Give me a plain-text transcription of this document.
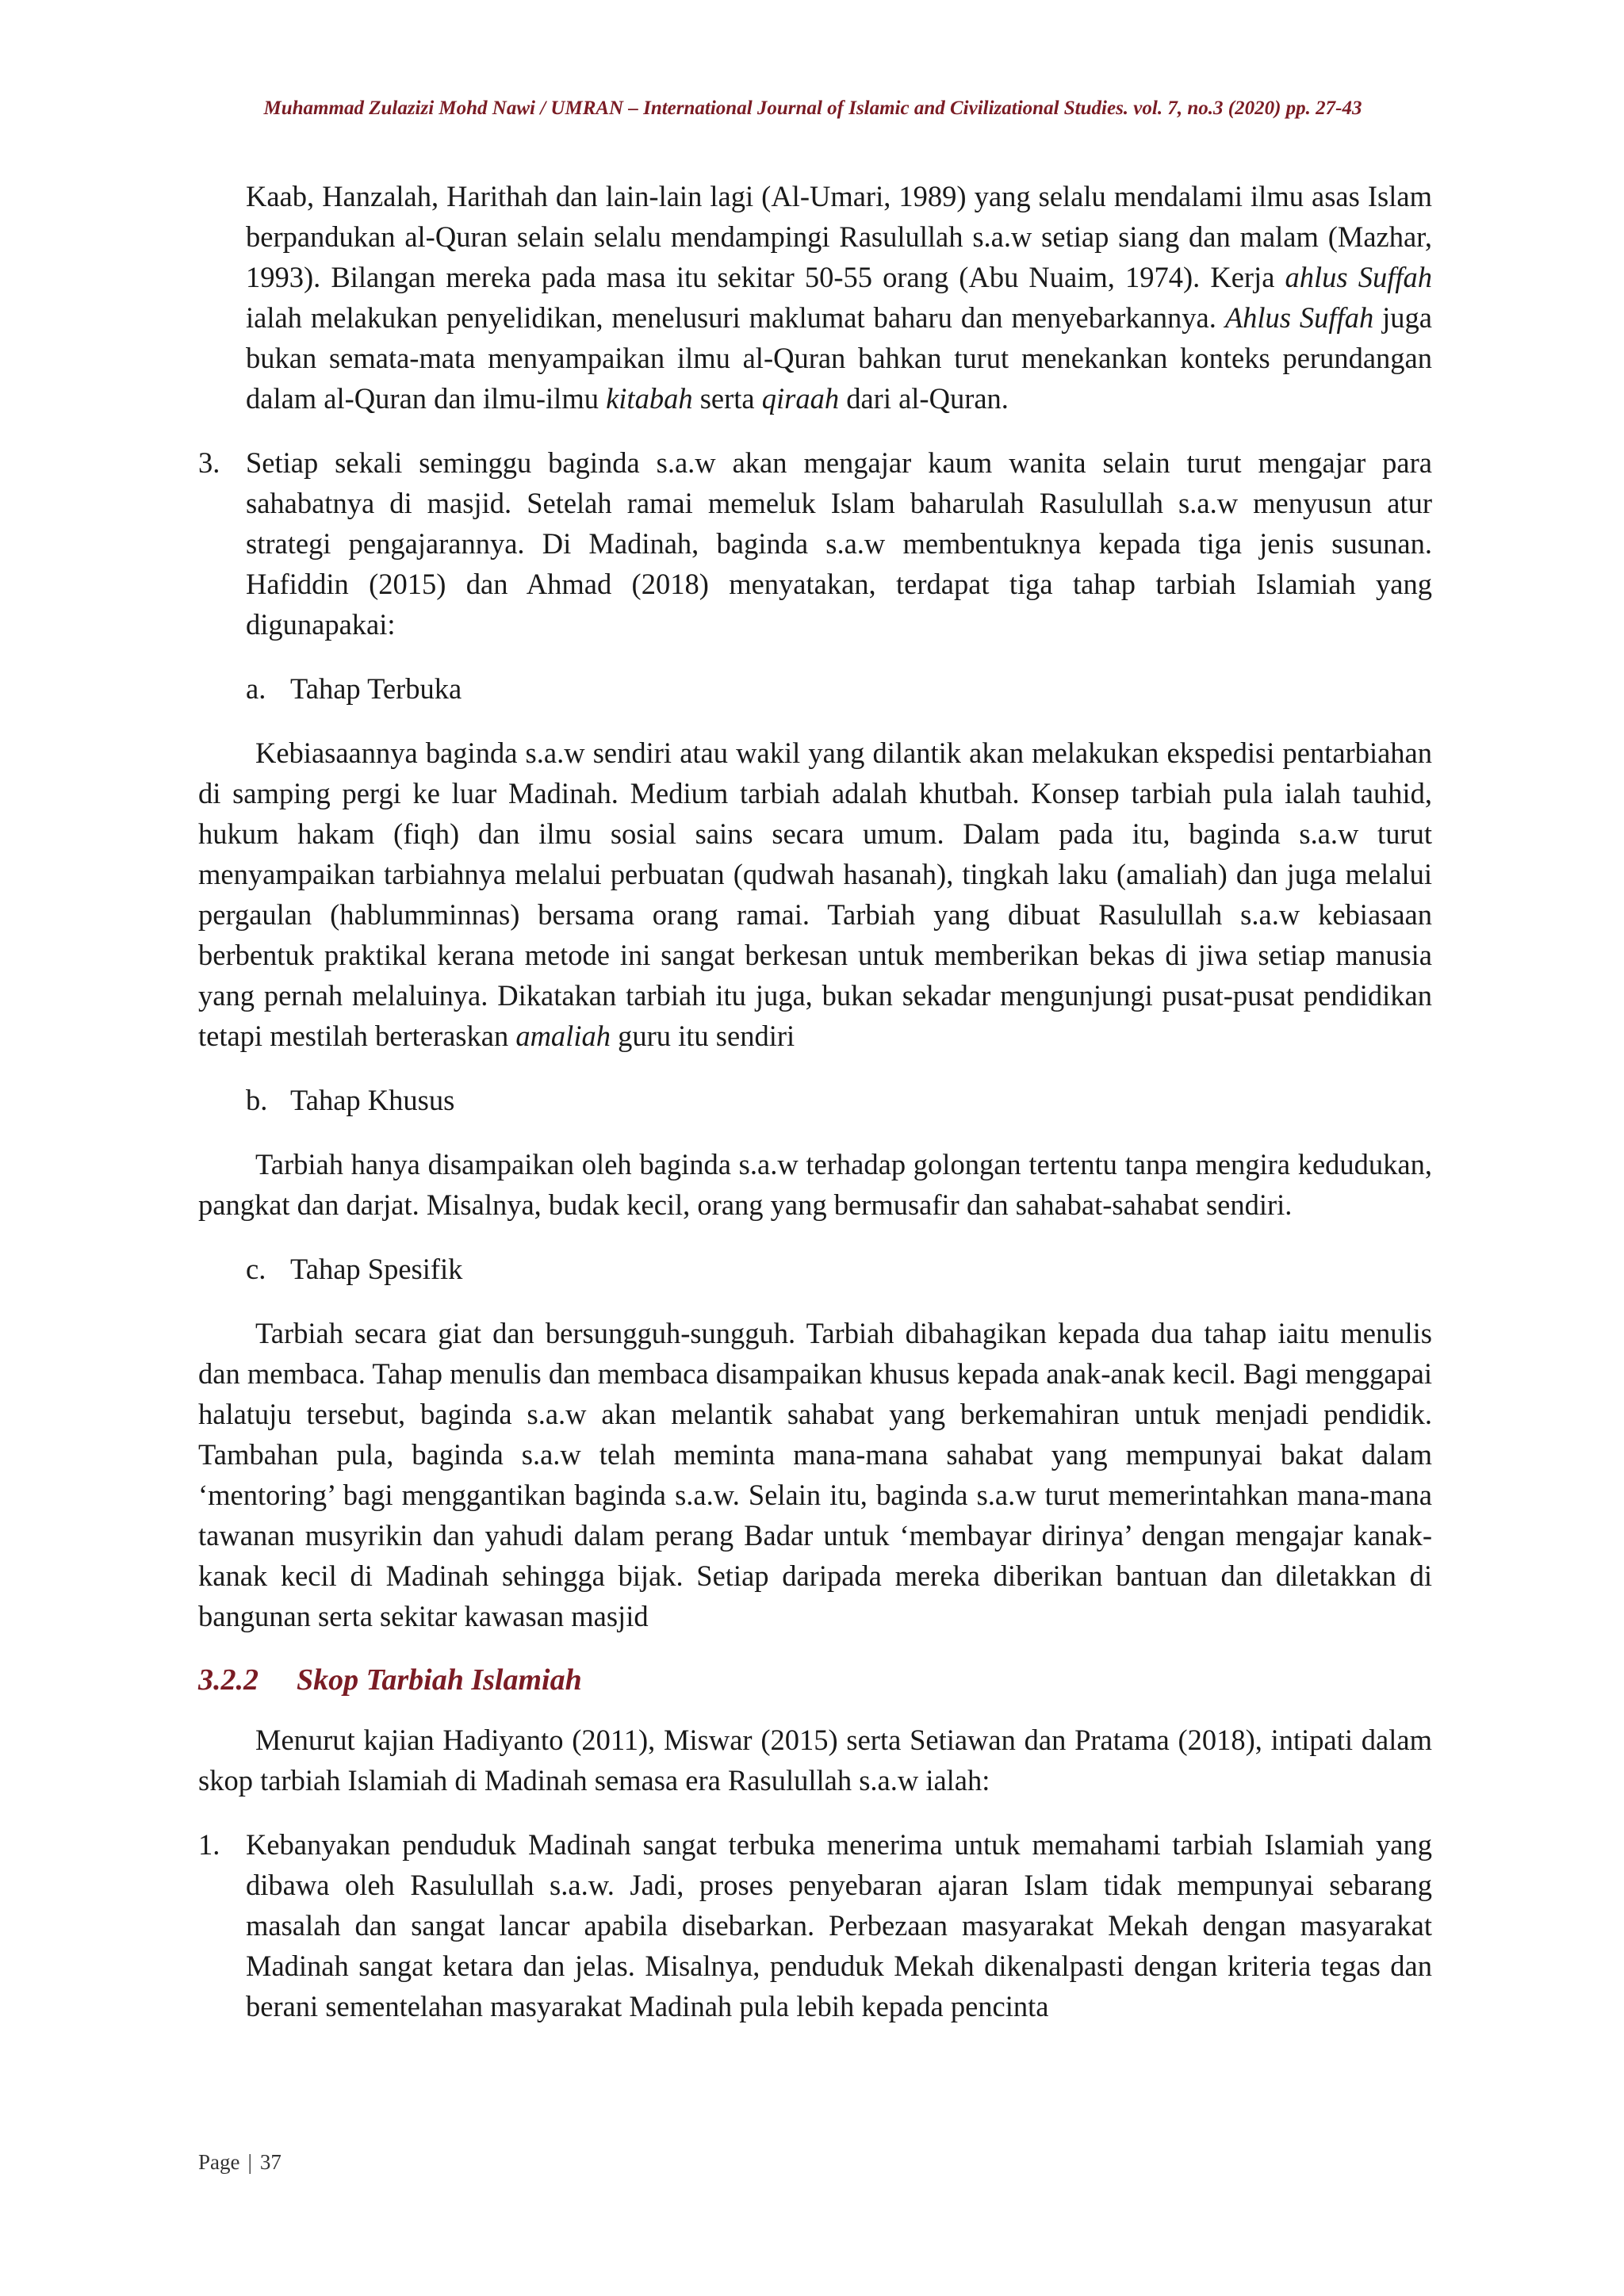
Muhammad Zulazizi Mohd Nawi / UMRAN – International Journal of Islamic and Civilizational Studies. vol. 7, no.3 (2020) pp. 27-43

Kaab, Hanzalah, Harithah dan lain-lain lagi (Al-Umari, 1989) yang selalu mendalami ilmu asas Islam berpandukan al-Quran selain selalu mendampingi Rasulullah s.a.w setiap siang dan malam (Mazhar, 1993). Bilangan mereka pada masa itu sekitar 50-55 orang (Abu Nuaim, 1974). Kerja ahlus Suffah ialah melakukan penyelidikan, menelusuri maklumat baharu dan menyebarkannya. Ahlus Suffah juga bukan semata-mata menyampaikan ilmu al-Quran bahkan turut menekankan konteks perundangan dalam al-Quran dan ilmu-ilmu kitabah serta qiraah dari al-Quran.

3. Setiap sekali seminggu baginda s.a.w akan mengajar kaum wanita selain turut mengajar para sahabatnya di masjid. Setelah ramai memeluk Islam baharulah Rasulullah s.a.w menyusun atur strategi pengajarannya. Di Madinah, baginda s.a.w membentuknya kepada tiga jenis susunan. Hafiddin (2015) dan Ahmad (2018) menyatakan, terdapat tiga tahap tarbiah Islamiah yang digunapakai:
a. Tahap Terbuka

Kebiasaannya baginda s.a.w sendiri atau wakil yang dilantik akan melakukan ekspedisi pentarbiahan di samping pergi ke luar Madinah. Medium tarbiah adalah khutbah. Konsep tarbiah pula ialah tauhid, hukum hakam (fiqh) dan ilmu sosial sains secara umum. Dalam pada itu, baginda s.a.w turut menyampaikan tarbiahnya melalui perbuatan (qudwah hasanah), tingkah laku (amaliah) dan juga melalui pergaulan (hablumminnas) bersama orang ramai. Tarbiah yang dibuat Rasulullah s.a.w kebiasaan berbentuk praktikal kerana metode ini sangat berkesan untuk memberikan bekas di jiwa setiap manusia yang pernah melaluinya. Dikatakan tarbiah itu juga, bukan sekadar mengunjungi pusat-pusat pendidikan tetapi mestilah berteraskan amaliah guru itu sendiri

b. Tahap Khusus

Tarbiah hanya disampaikan oleh baginda s.a.w terhadap golongan tertentu tanpa mengira kedudukan, pangkat dan darjat. Misalnya, budak kecil, orang yang bermusafir dan sahabat-sahabat sendiri.

c. Tahap Spesifik

Tarbiah secara giat dan bersungguh-sungguh. Tarbiah dibahagikan kepada dua tahap iaitu menulis dan membaca. Tahap menulis dan membaca disampaikan khusus kepada anak-anak kecil. Bagi menggapai halatuju tersebut, baginda s.a.w akan melantik sahabat yang berkemahiran untuk menjadi pendidik. Tambahan pula, baginda s.a.w telah meminta mana-mana sahabat yang mempunyai bakat dalam ‘mentoring’ bagi menggantikan baginda s.a.w. Selain itu, baginda s.a.w turut memerintahkan mana-mana tawanan musyrikin dan yahudi dalam perang Badar untuk ‘membayar dirinya’ dengan mengajar kanak-kanak kecil di Madinah sehingga bijak. Setiap daripada mereka diberikan bantuan dan diletakkan di bangunan serta sekitar kawasan masjid

3.2.2	Skop Tarbiah Islamiah

Menurut kajian Hadiyanto (2011), Miswar (2015) serta Setiawan dan Pratama (2018), intipati dalam skop tarbiah Islamiah di Madinah semasa era Rasulullah s.a.w ialah:

1. Kebanyakan penduduk Madinah sangat terbuka menerima untuk memahami tarbiah Islamiah yang dibawa oleh Rasulullah s.a.w. Jadi, proses penyebaran ajaran Islam tidak mempunyai sebarang masalah dan sangat lancar apabila disebarkan. Perbezaan masyarakat Mekah dengan masyarakat Madinah sangat ketara dan jelas. Misalnya, penduduk Mekah dikenalpasti dengan kriteria tegas dan berani sementelahan masyarakat Madinah pula lebih kepada pencinta
Page | 37
